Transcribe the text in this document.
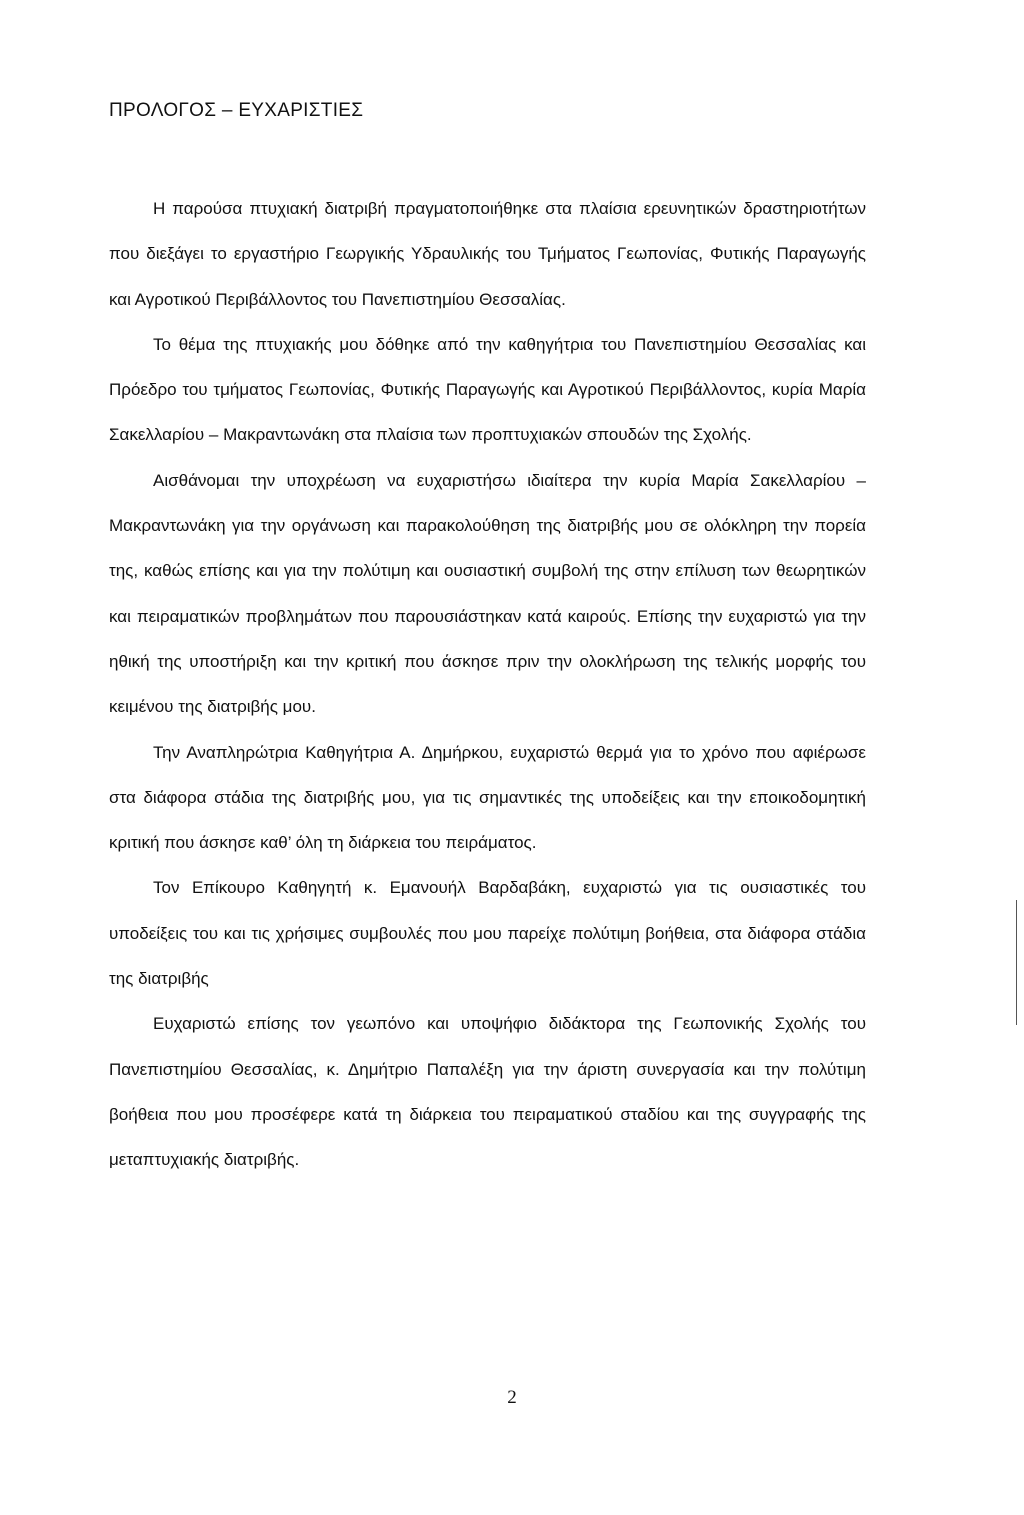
ΠΡΟΛΟΓΟΣ – ΕΥΧΑΡΙΣΤΙΕΣ

Η παρούσα πτυχιακή διατριβή πραγματοποιήθηκε στα πλαίσια ερευνητικών δραστηριοτήτων που διεξάγει το εργαστήριο Γεωργικής Υδραυλικής του Τμήματος Γεωπονίας, Φυτικής Παραγωγής και Αγροτικού Περιβάλλοντος του Πανεπιστημίου Θεσσαλίας.

Το θέμα της πτυχιακής μου δόθηκε από την καθηγήτρια του Πανεπιστημίου Θεσσαλίας και Πρόεδρο του τμήματος Γεωπονίας, Φυτικής Παραγωγής και Αγροτικού Περιβάλλοντος, κυρία Μαρία Σακελλαρίου – Μακραντωνάκη στα πλαίσια των προπτυχιακών σπουδών της Σχολής.

Αισθάνομαι την υποχρέωση να ευχαριστήσω ιδιαίτερα την κυρία Μαρία Σακελλαρίου – Μακραντωνάκη για την οργάνωση και παρακολούθηση της διατριβής μου σε ολόκληρη την πορεία της, καθώς επίσης και για την πολύτιμη και ουσιαστική συμβολή της στην επίλυση των θεωρητικών και πειραματικών προβλημάτων που παρουσιάστηκαν κατά καιρούς. Επίσης την ευχαριστώ για την ηθική της υποστήριξη και την κριτική που άσκησε πριν την ολοκλήρωση της τελικής μορφής του κειμένου της διατριβής μου.

Την Αναπληρώτρια Καθηγήτρια Α. Δημήρκου, ευχαριστώ θερμά για το χρόνο που αφιέρωσε στα διάφορα στάδια της διατριβής μου, για τις σημαντικές της υποδείξεις και την εποικοδομητική κριτική που άσκησε καθ’ όλη τη διάρκεια του πειράματος.

Τον Επίκουρο Καθηγητή κ. Εμανουήλ Βαρδαβάκη, ευχαριστώ για τις ουσιαστικές του υποδείξεις του και τις χρήσιμες συμβουλές που μου παρείχε πολύτιμη βοήθεια, στα διάφορα στάδια της διατριβής

Ευχαριστώ επίσης τον γεωπόνο και υποψήφιο διδάκτορα της Γεωπονικής Σχολής του Πανεπιστημίου Θεσσαλίας, κ. Δημήτριο Παπαλέξη για την άριστη συνεργασία και την πολύτιμη βοήθεια που μου προσέφερε κατά τη διάρκεια του πειραματικού σταδίου και της συγγραφής της μεταπτυχιακής διατριβής.

2
